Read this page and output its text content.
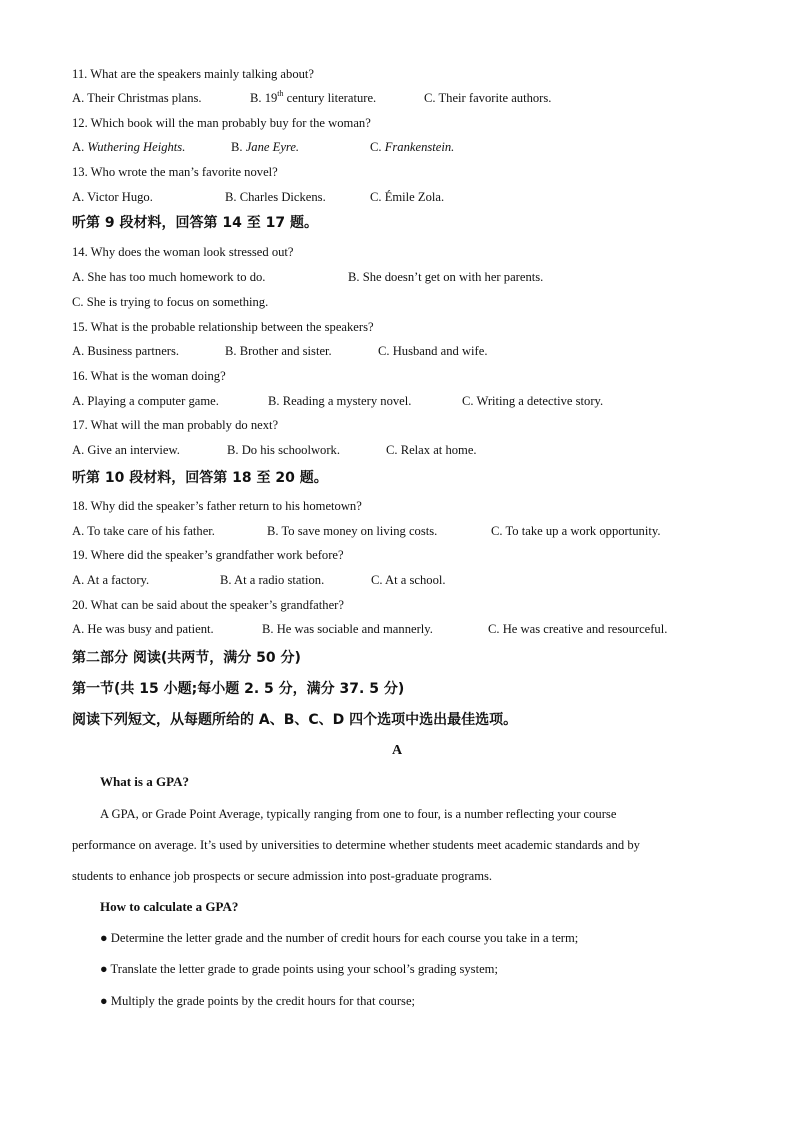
11. What are the speakers mainly talking about?
A. Their Christmas plans.	B. 19th century literature.	C. Their favorite authors.
12. Which book will the man probably buy for the woman?
A. Wuthering Heights.	B. Jane Eyre.	C. Frankenstein.
13. Who wrote the man’s favorite novel?
A. Victor Hugo.	B. Charles Dickens.	C. Émile Zola.
听第 9 段材料，回答第 14 至 17 题。
14. Why does the woman look stressed out?
A. She has too much homework to do.	B. She doesn’t get on with her parents.
C. She is trying to focus on something.
15. What is the probable relationship between the speakers?
A. Business partners.	B. Brother and sister.	C. Husband and wife.
16. What is the woman doing?
A. Playing a computer game.	B. Reading a mystery novel.	C. Writing a detective story.
17. What will the man probably do next?
A. Give an interview.	B. Do his schoolwork.	C. Relax at home.
听第 10 段材料，回答第 18 至 20 题。
18. Why did the speaker’s father return to his hometown?
A. To take care of his father.	B. To save money on living costs.	C. To take up a work opportunity.
19. Where did the speaker’s grandfather work before?
A. At a factory.	B. At a radio station.	C. At a school.
20. What can be said about the speaker’s grandfather?
A. He was busy and patient.	B. He was sociable and mannerly.	C. He was creative and resourceful.
第二部分 阅读(共两节，满分 50 分)
第一节(共 15 小题;每小题 2. 5 分，满分 37. 5 分)
阅读下列短文，从每题所给的 A、B、C、D 四个选项中选出最佳选项。
A
What is a GPA?
A GPA, or Grade Point Average, typically ranging from one to four, is a number reflecting your course
performance on average. It’s used by universities to determine whether students meet academic standards and by
students to enhance job prospects or secure admission into post-graduate programs.
How to calculate a GPA?
● Determine the letter grade and the number of credit hours for each course you take in a term;
● Translate the letter grade to grade points using your school’s grading system;
● Multiply the grade points by the credit hours for that course;
